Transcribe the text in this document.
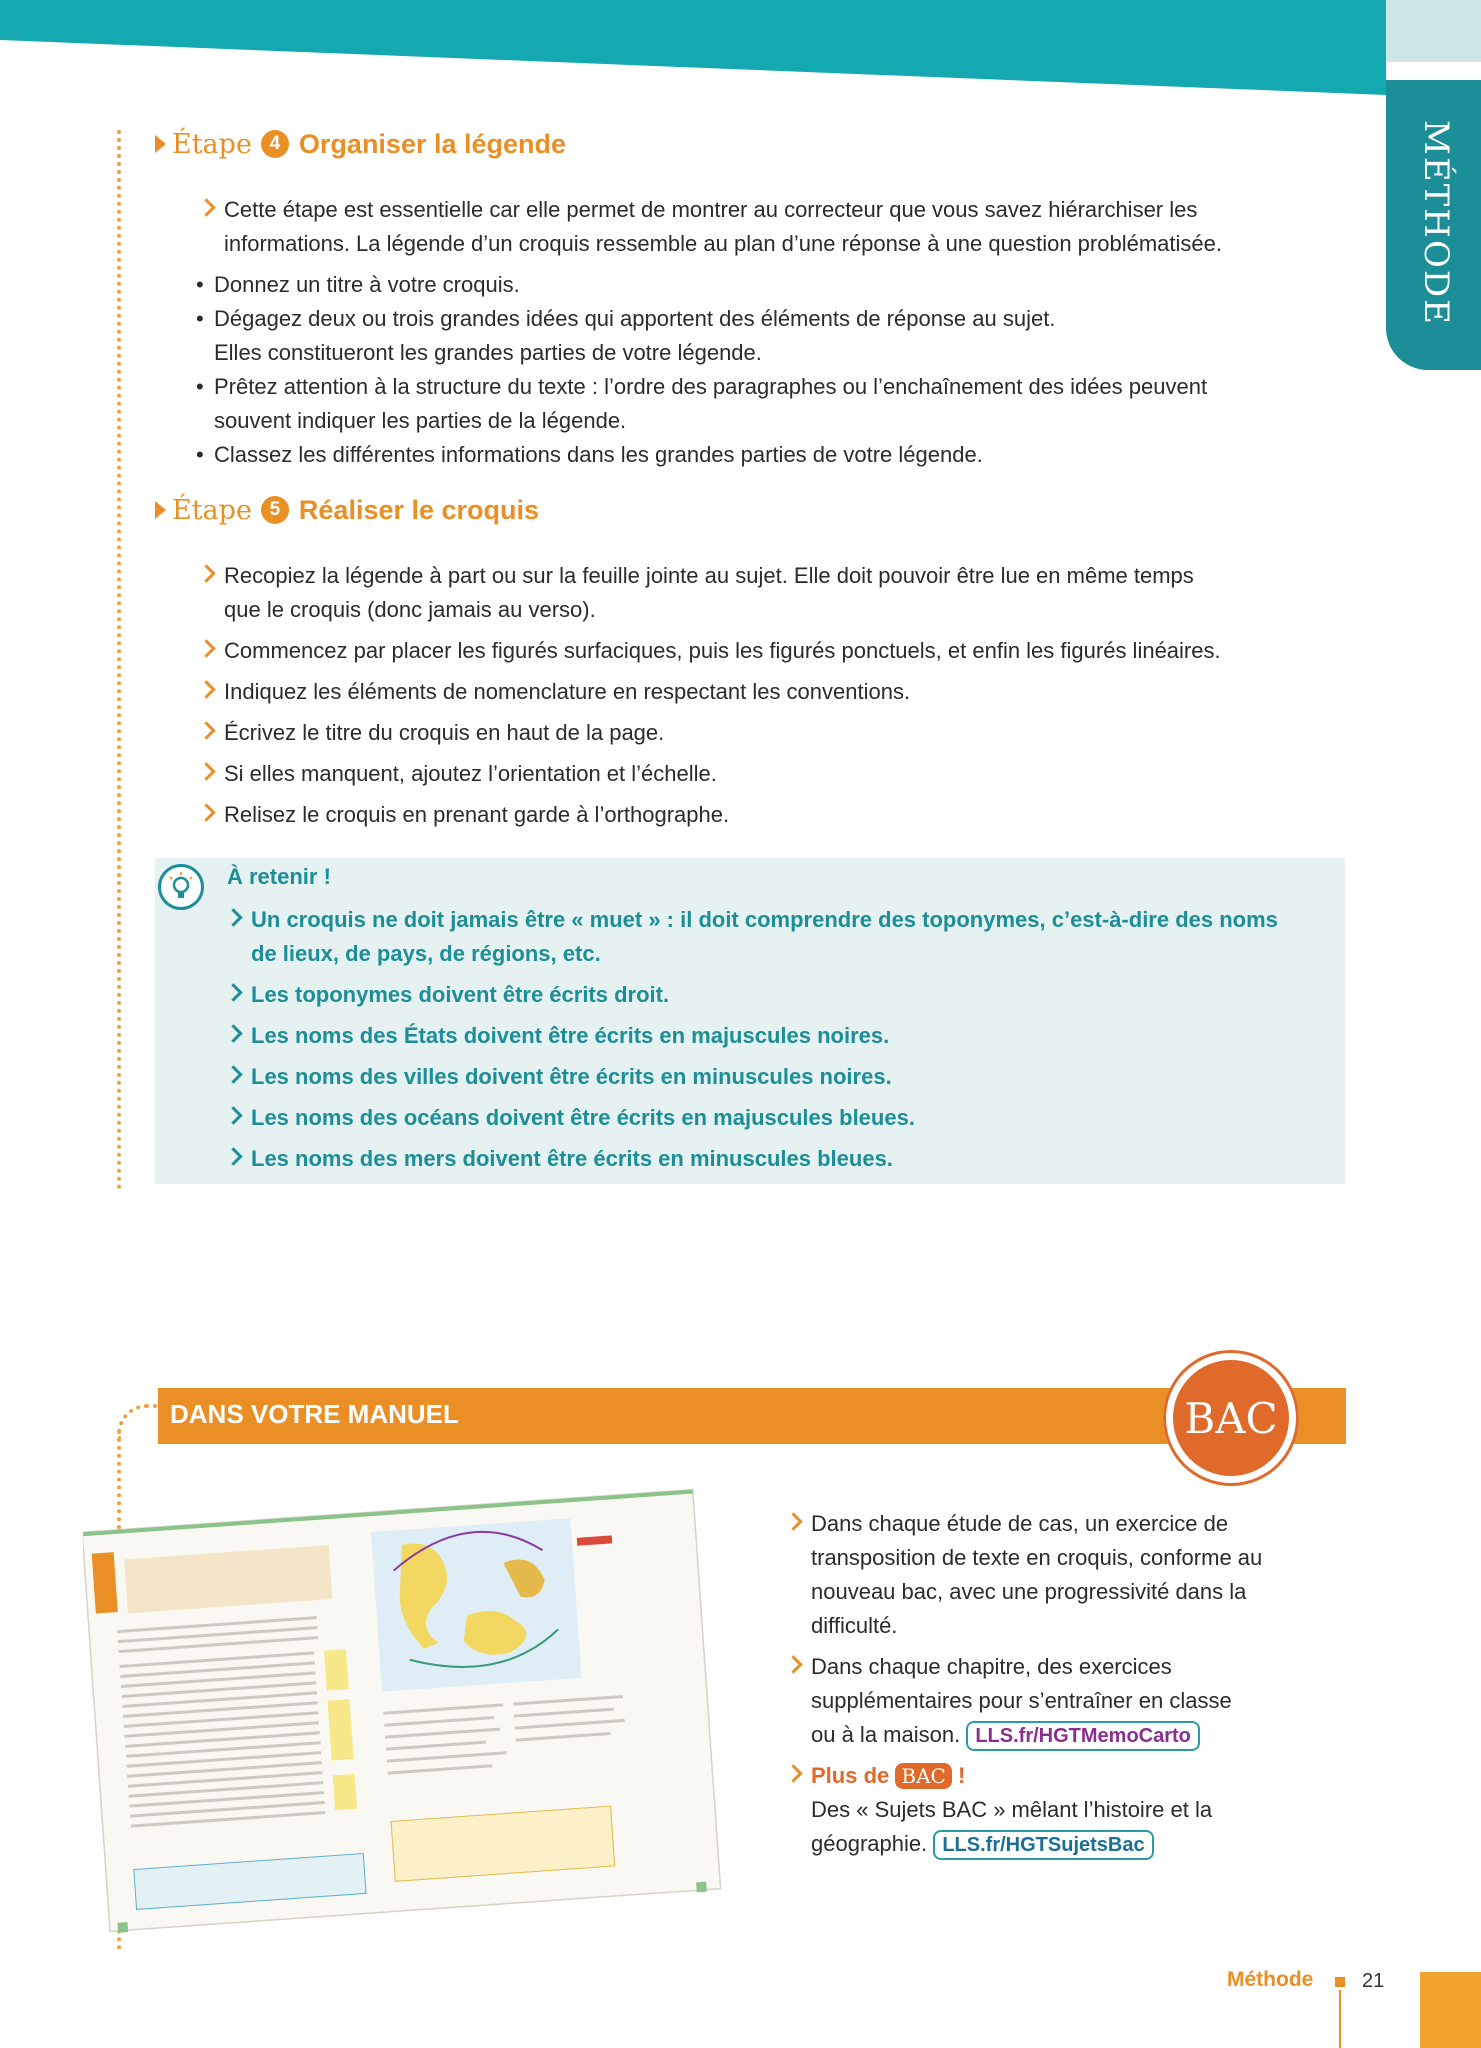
MÉTHODE
Étape 4 Organiser la légende
Cette étape est essentielle car elle permet de montrer au correcteur que vous savez hiérarchiser les
informations. La légende d’un croquis ressemble au plan d’une réponse à une question problématisée.
• Donnez un titre à votre croquis.
• Dégagez deux ou trois grandes idées qui apportent des éléments de réponse au sujet.
Elles constitueront les grandes parties de votre légende.
• Prêtez attention à la structure du texte : l’ordre des paragraphes ou l’enchaînement des idées peuvent
souvent indiquer les parties de la légende.
• Classez les différentes informations dans les grandes parties de votre légende.
Étape 5 Réaliser le croquis
Recopiez la légende à part ou sur la feuille jointe au sujet. Elle doit pouvoir être lue en même temps
que le croquis (donc jamais au verso).
Commencez par placer les figurés surfaciques, puis les figurés ponctuels, et enfin les figurés linéaires.
Indiquez les éléments de nomenclature en respectant les conventions.
Écrivez le titre du croquis en haut de la page.
Si elles manquent, ajoutez l’orientation et l’échelle.
Relisez le croquis en prenant garde à l’orthographe.
À retenir !
Un croquis ne doit jamais être « muet » : il doit comprendre des toponymes, c’est-à-dire des noms
de lieux, de pays, de régions, etc.
Les toponymes doivent être écrits droit.
Les noms des États doivent être écrits en majuscules noires.
Les noms des villes doivent être écrits en minuscules noires.
Les noms des océans doivent être écrits en majuscules bleues.
Les noms des mers doivent être écrits en minuscules bleues.
DANS VOTRE MANUEL	BAC
Dans chaque étude de cas, un exercice de
transposition de texte en croquis, conforme au
nouveau bac, avec une progressivité dans la
difficulté.
Dans chaque chapitre, des exercices
supplémentaires pour s’entraîner en classe
ou à la maison. LLS.fr/HGTMemoCarto
Plus de BAC !
Des « Sujets BAC » mêlant l’histoire et la
géographie. LLS.fr/HGTSujetsBac
Méthode 21
